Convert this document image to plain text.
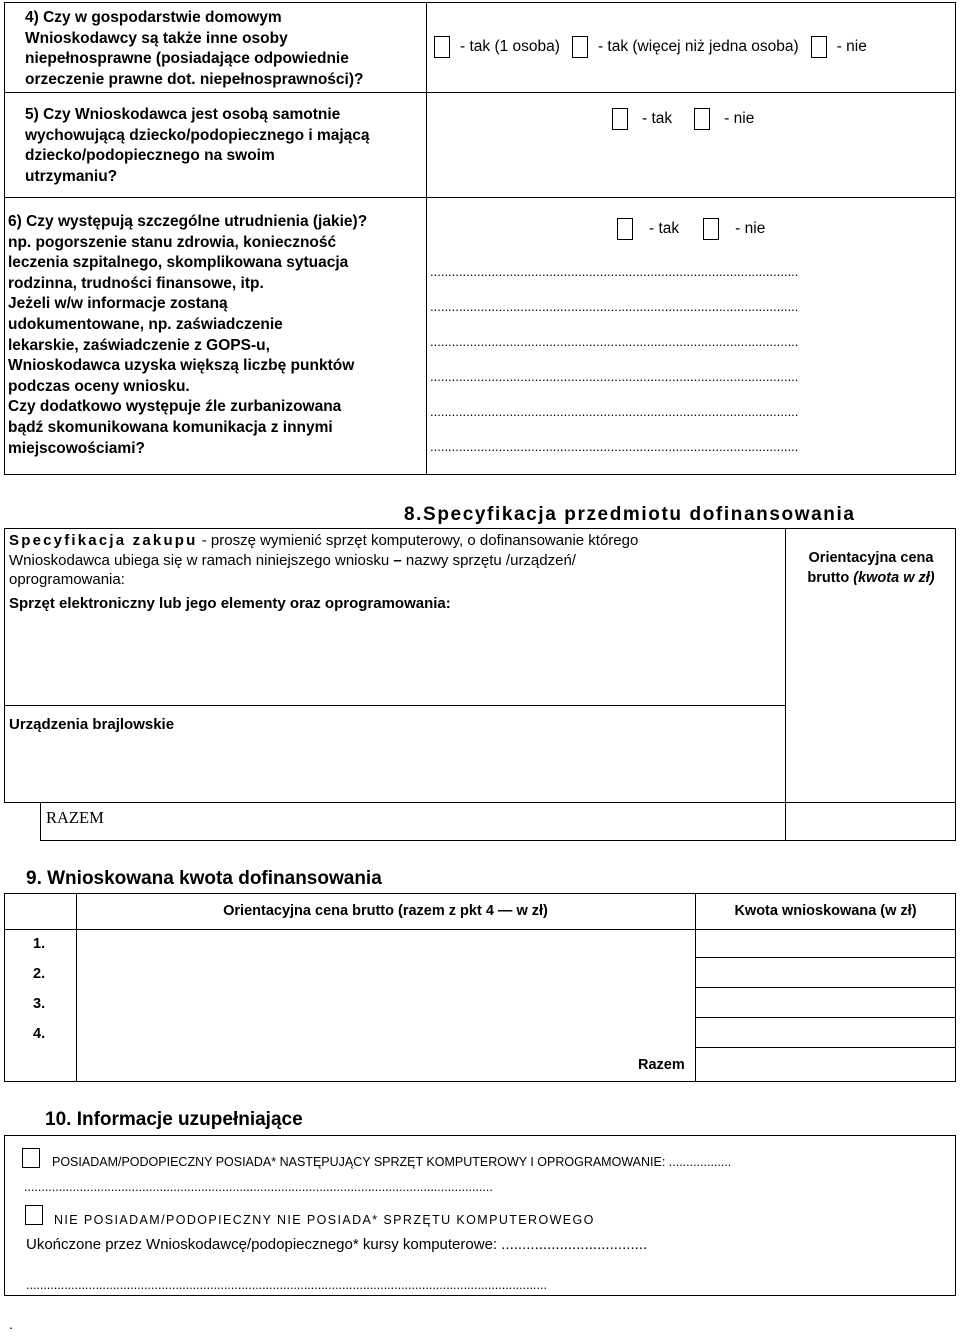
4) Czy w gospodarstwie domowym
Wnioskodawcy są także inne osoby
niepełnosprawne (posiadające odpowiednie
orzeczenie prawne dot. niepełnosprawności)?
- tak (1 osoba) - tak (więcej niż jedna osoba) - nie
5) Czy Wnioskodawca jest osobą samotnie
wychowującą dziecko/podopiecznego i mającą
dziecko/podopiecznego na swoim
utrzymaniu?
- tak	- nie
6) Czy występują szczególne utrudnienia (jakie)?
np. pogorszenie stanu zdrowia, konieczność
leczenia szpitalnego, skomplikowana sytuacja
rodzinna, trudności finansowe, itp.
Jeżeli w/w informacje zostaną
udokumentowane, np. zaświadczenie
lekarskie, zaświadczenie z GOPS-u,
Wnioskodawca uzyska większą liczbę punktów
podczas oceny wniosku.
Czy dodatkowo występuje źle zurbanizowana
bądź skomunikowana komunikacja z innymi
miejscowościami?
- tak	- nie
......................................................................................................
......................................................................................................
......................................................................................................
......................................................................................................
......................................................................................................
......................................................................................................
8.Specyfikacja przedmiotu dofinansowania
Specyfikacja zakupu - proszę wymienić sprzęt komputerowy, o dofinansowanie którego
Wnioskodawca ubiega się w ramach niniejszego wniosku – nazwy sprzętu /urządzeń/
oprogramowania:
Orientacyjna cena
brutto (kwota w zł)
Sprzęt elektroniczny lub jego elementy oraz oprogramowania:
Urządzenia brajlowskie
RAZEM
9. Wnioskowana kwota dofinansowania
Orientacyjna cena brutto (razem z pkt 4 — w zł)	Kwota wnioskowana (w zł)
1.
2.
3.
4.
Razem
10. Informacje uzupełniające
POSIADAM/PODOPIECZNY POSIADA* NASTĘPUJĄCY SPRZĘT KOMPUTEROWY I OPROGRAMOWANIE: ..................
.......................................................................................................................................
NIE POSIADAM/PODOPIECZNY NIE POSIADA* SPRZĘTU KOMPUTEROWEGO
Ukończone przez Wnioskodawcę/podopiecznego* kursy komputerowe: ...................................
......................................................................................................................................................
.
